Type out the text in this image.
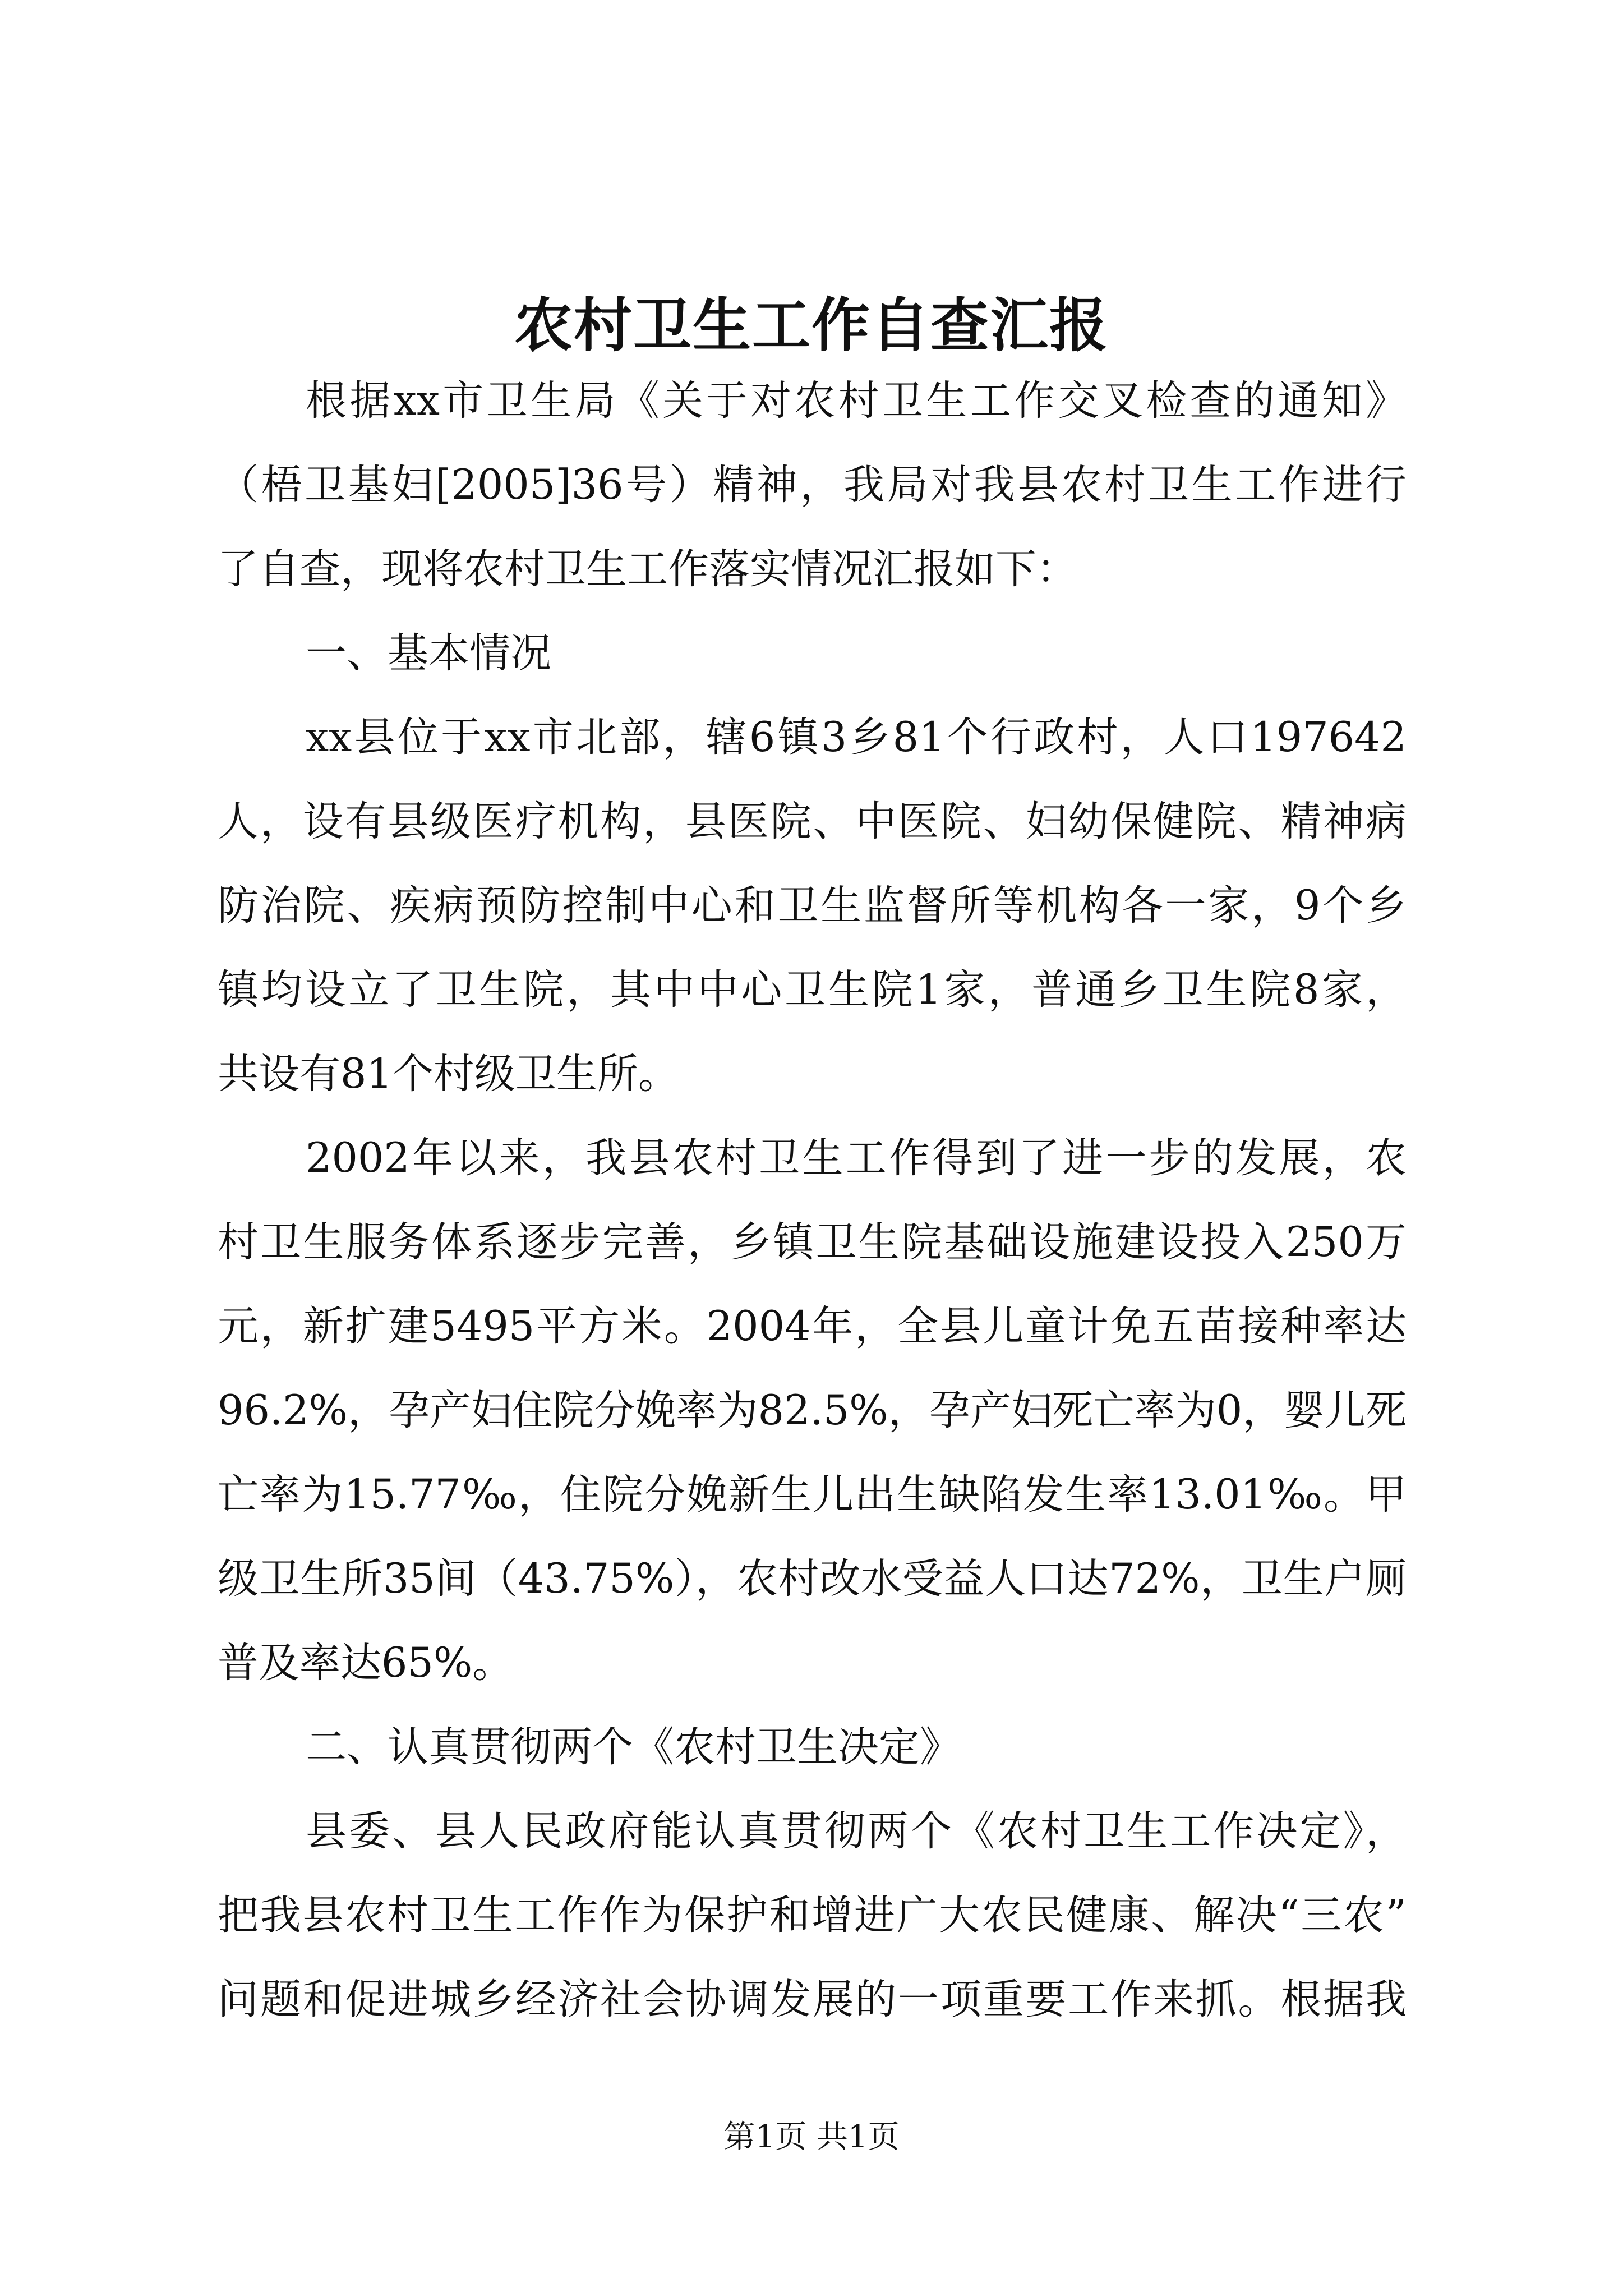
农村卫生工作自查汇报
根据xx市卫生局《关于对农村卫生工作交叉检查的通知》
（梧卫基妇[2005]36号）精神，我局对我县农村卫生工作进行
了自查，现将农村卫生工作落实情况汇报如下：
一、基本情况
xx县位于xx市北部，辖6镇3乡81个行政村，人口197642
人，设有县级医疗机构，县医院、中医院、妇幼保健院、精神病
防治院、疾病预防控制中心和卫生监督所等机构各一家，9个乡
镇均设立了卫生院，其中中心卫生院1家，普通乡卫生院8家，
共设有81个村级卫生所。
2002年以来，我县农村卫生工作得到了进一步的发展，农
村卫生服务体系逐步完善，乡镇卫生院基础设施建设投入250万
元，新扩建5495平方米。2004年，全县儿童计免五苗接种率达
96.2%，孕产妇住院分娩率为82.5%，孕产妇死亡率为0，婴儿死
亡率为15.77‰，住院分娩新生儿出生缺陷发生率13.01‰。甲
级卫生所35间（43.75%），农村改水受益人口达72%，卫生户厕
普及率达65%。
二、认真贯彻两个《农村卫生决定》
县委、县人民政府能认真贯彻两个《农村卫生工作决定》，
把我县农村卫生工作作为保护和增进广大农民健康、解决“三农”
问题和促进城乡经济社会协调发展的一项重要工作来抓。根据我
第1页 共1页
